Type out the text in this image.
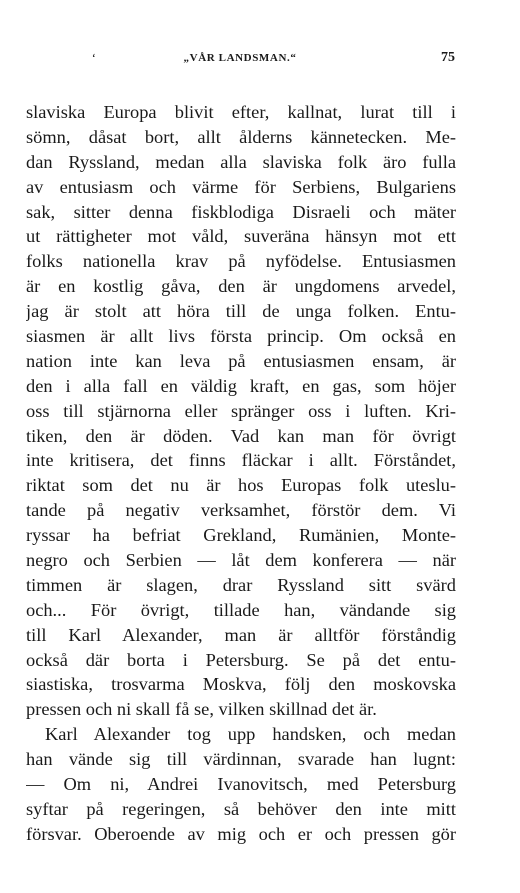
‘	„VÅR LANDSMAN.“	75
slaviska Europa blivit efter, kallnat, lurat till i
sömn, dåsat bort, allt ålderns kännetecken. Me-
dan Ryssland, medan alla slaviska folk äro fulla
av entusiasm och värme för Serbiens, Bulgariens
sak, sitter denna fiskblodiga Disraeli och mäter
ut rättigheter mot våld, suveräna hänsyn mot ett
folks nationella krav på nyfödelse. Entusiasmen
är en kostlig gåva, den är ungdomens arvedel,
jag är stolt att höra till de unga folken. Entu-
siasmen är allt livs första princip. Om också en
nation inte kan leva på entusiasmen ensam, är
den i alla fall en väldig kraft, en gas, som höjer
oss till stjärnorna eller spränger oss i luften. Kri-
tiken, den är döden. Vad kan man för övrigt
inte kritisera, det finns fläckar i allt. Förståndet,
riktat som det nu är hos Europas folk uteslu-
tande på negativ verksamhet, förstör dem. Vi
ryssar ha befriat Grekland, Rumänien, Monte-
negro och Serbien — låt dem konferera — när
timmen är slagen, drar Ryssland sitt svärd
och... För övrigt, tillade han, vändande sig
till Karl Alexander, man är alltför förståndig
också där borta i Petersburg. Se på det entu-
siastiska, trosvarma Moskva, följ den moskovska
pressen och ni skall få se, vilken skillnad det är.
Karl Alexander tog upp handsken, och medan
han vände sig till värdinnan, svarade han lugnt:
— Om ni, Andrei Ivanovitsch, med Petersburg
syftar på regeringen, så behöver den inte mitt
försvar. Oberoende av mig och er och pressen gör
